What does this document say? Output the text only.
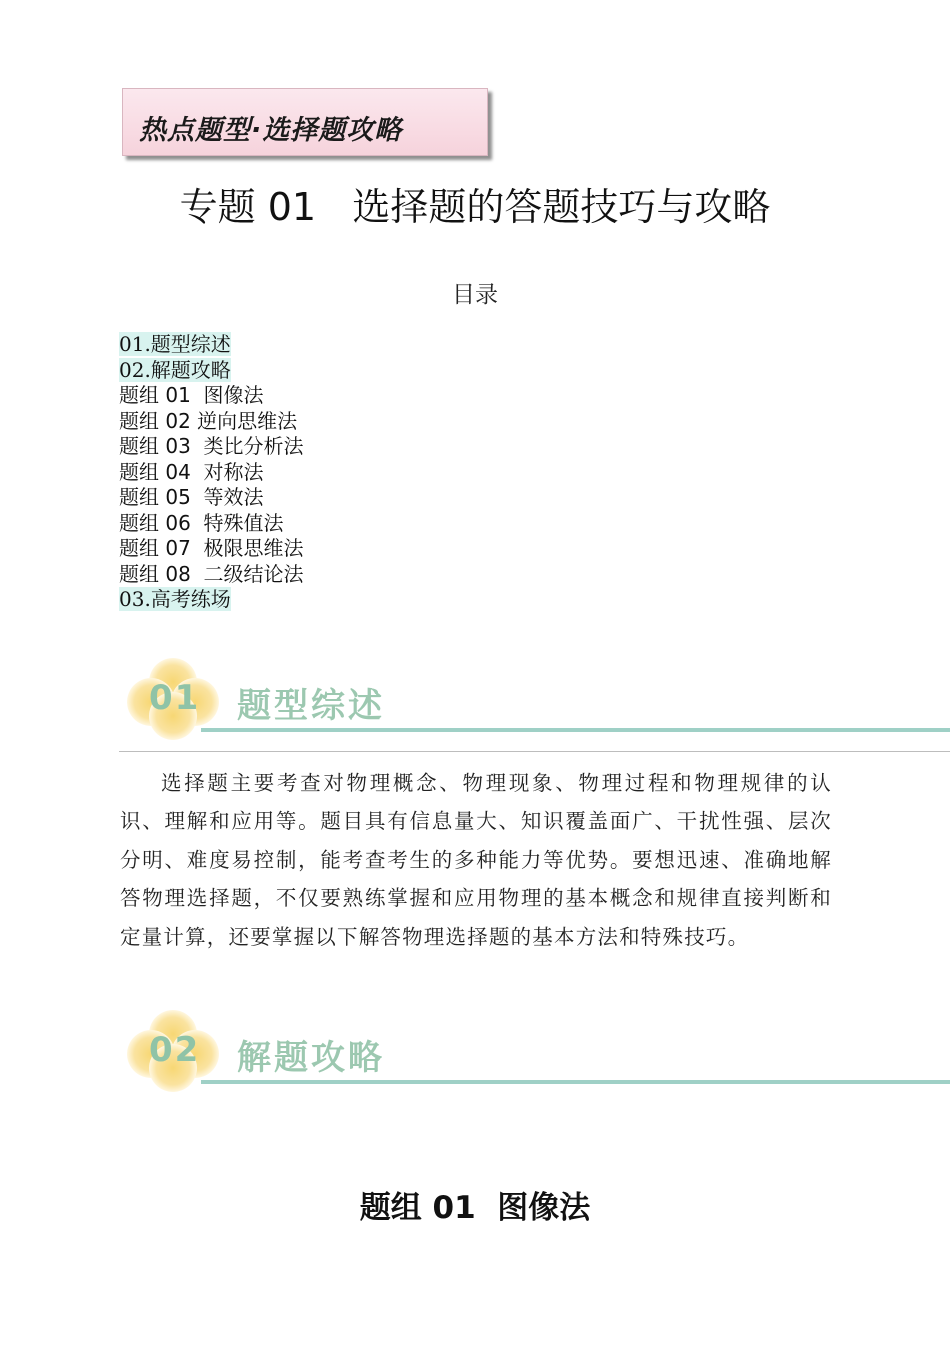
热点题型·选择题攻略
专题 01   选择题的答题技巧与攻略
目录
01.题型综述
02.解题攻略
题组 01  图像法
题组 02 逆向思维法
题组 03  类比分析法
题组 04  对称法
题组 05  等效法
题组 06  特殊值法
题组 07  极限思维法
题组 08  二级结论法
03.高考练场
01 题型综述

选择题主要考查对物理概念、物理现象、物理过程和物理规律的认识、理解和应用等。题目具有信息量大、知识覆盖面广、干扰性强、层次分明、难度易控制，能考查考生的多种能力等优势。要想迅速、准确地解答物理选择题，不仅要熟练掌握和应用物理的基本概念和规律直接判断和定量计算，还要掌握以下解答物理选择题的基本方法和特殊技巧。

02 解题攻略
题组 01  图像法
